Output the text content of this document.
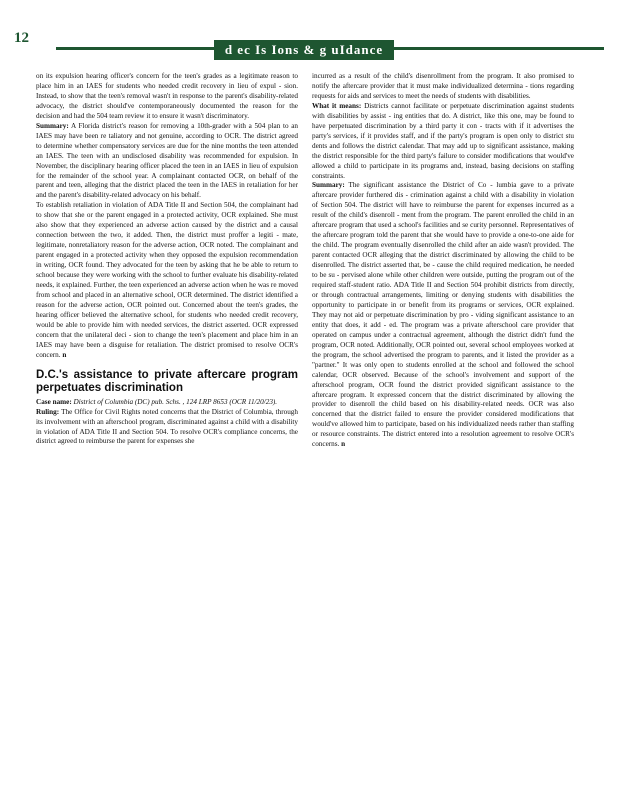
12
d ec Is Ions & g uIdance

on its expulsion hearing officer's concern for the teen's grades as a legitimate reason to place him in an IAES for students who needed credit recovery in lieu of expul - sion. Instead, to show that the teen's removal wasn't in response to the parent's disability-related advocacy, the district should've contemporaneously documented the reason for the decision and had the 504 team review it to ensure it wasn't discriminatory.

Summary: A Florida district's reason for removing a 10th-grader with a 504 plan to an IAES may have been re taliatory and not genuine, according to OCR. The district agreed to determine whether compensatory services are due for the nine months the teen attended an IAES. The teen with an undisclosed disability was recommended for expulsion. In November, the disciplinary hearing officer placed the teen in an IAES in lieu of expulsion for the remainder of the school year. A complainant contacted OCR, on behalf of the parent and teen, alleging that the district placed the teen in the IAES in retaliation for her and the parent's disability-related advocacy on his behalf.

To establish retaliation in violation of ADA Title II and Section 504, the complainant had to show that she or the parent engaged in a protected activity, OCR explained. She must also show that they experienced an adverse action caused by the district and a causal connection between the two, it added. Then, the district must proffer a legiti - mate, legitimate, nonretaliatory reason for the adverse action, OCR noted. The complainant and parent engaged in a protected activity when they opposed the expulsion recommendation in writing, OCR found. They advocated for the teen by asking that he be able to return to school because they were working with the school to further evaluate his disability-related needs, it explained. Further, the teen experienced an adverse action when he was re moved from school and placed in an alternative school, OCR determined. The district identified a reason for the adverse action, OCR pointed out. Concerned about the teen's grades, the hearing officer believed the alternative school, for students who needed credit recovery, would be able to provide him with needed services, the district asserted. OCR expressed concern that the unilateral deci - sion to change the teen's placement and place him in an IAES may have been a disguise for retaliation. The district promised to resolve OCR's concern. n

D.C.'s assistance to private aftercare program perpetuates discrimination

Case name: District of Columbia (DC) pub. Schs. , 124 LRP 8653 (OCR 11/20/23).

Ruling: The Office for Civil Rights noted concerns that the District of Columbia, through its involvement with an afterschool program, discriminated against a child with a disability in violation of ADA Title II and Section 504. To resolve OCR's compliance concerns, the district agreed to reimburse the parent for expenses she

incurred as a result of the child's disenrollment from the program. It also promised to notify the aftercare provider that it must make individualized determina - tions regarding requests for aids and services to meet the needs of students with disabilities.

What it means: Districts cannot facilitate or perpetuate discrimination against students with disabilities by assist - ing entities that do. A district, like this one, may be found to have perpetuated discrimination by a third party it con - tracts with if it advertises the party's services, if it provides staff, and if the party's program is open only to district stu dents and follows the district calendar. That may add up to significant assistance, making the district responsible for the third party's failure to consider modifications that would've allowed a child to participate in its programs and, instead, basing decisions on staffing constraints.

Summary: The significant assistance the District of Co - lumbia gave to a private aftercare provider furthered dis - crimination against a child with a disability in violation of Section 504. The district will have to reimburse the parent for expenses incurred as a result of the child's disenroll - ment from the program. The parent enrolled the child in an aftercare program that used a school's facilities and se curity personnel. Representatives of the aftercare program told the parent that she would have to provide a one-to-one aide for the child. The program eventually disenrolled the child after an aide wasn't provided. The parent contacted OCR alleging that the district discriminated by allowing the child to be disenrolled. The district asserted that, be - cause the child required medication, he needed to be su - pervised alone while other children were outside, putting the program out of the required staff-student ratio. ADA Title II and Section 504 prohibit districts from directly, or through contractual arrangements, limiting or denying students with disabilities the opportunity to participate in or benefit from its programs or services, OCR explained. They may not aid or perpetuate discrimination by pro - viding significant assistance to an entity that does, it add - ed. The program was a private afterschool care provider that operated on campus under a contractual agreement, although the district didn't fund the program, OCR noted. Additionally, OCR pointed out, several school employees worked at the program, the school advertised the program to parents, and it listed the provider as a "partner." It was only open to students enrolled at the school and followed the school calendar, OCR observed. Because of the school's involvement and support of the afterschool program, OCR found the district provided significant assistance to the aftercare program. It expressed concern that the district discriminated by allowing the provider to disenroll the child based on his disability-related needs. OCR was also concerned that the district failed to ensure the provider considered modifications that would've allowed him to participate, based on his individualized needs rather than staffing or resource constraints. The district entered into a resolution agreement to resolve OCR's concerns. n
